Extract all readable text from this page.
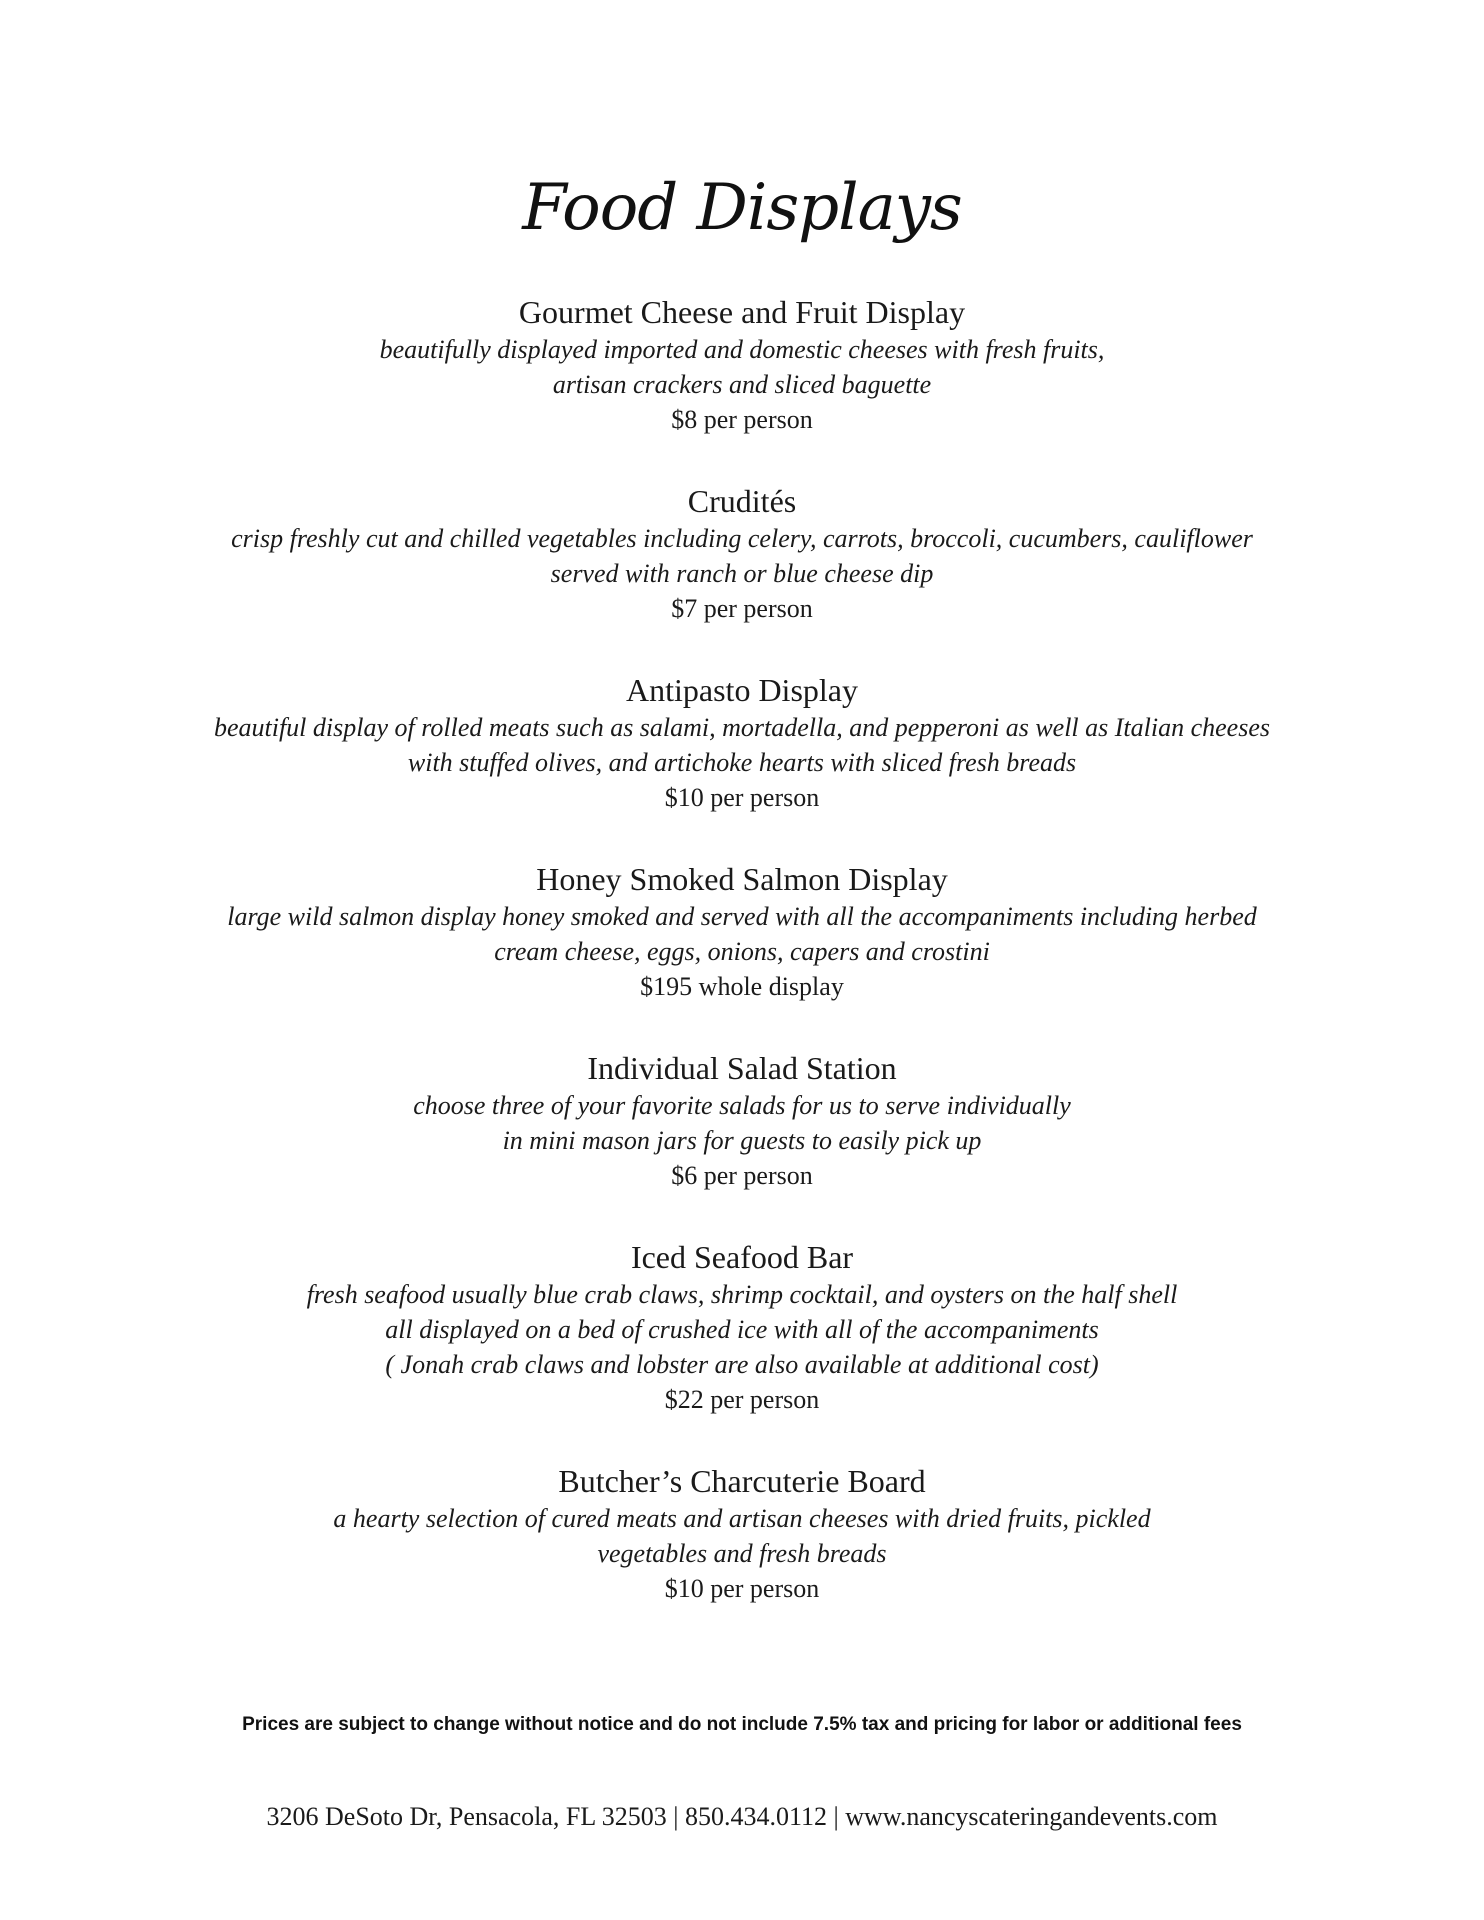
Food Displays
Gourmet Cheese and Fruit Display
beautifully displayed imported and domestic cheeses with fresh fruits,
artisan crackers and sliced baguette
$8 per person
Crudités
crisp freshly cut and chilled vegetables including celery, carrots, broccoli, cucumbers, cauliflower
served with ranch or blue cheese dip
$7 per person
Antipasto Display
beautiful display of rolled meats such as salami, mortadella, and pepperoni as well as Italian cheeses
with stuffed olives, and artichoke hearts with sliced fresh breads
$10 per person
Honey Smoked Salmon Display
large wild salmon display honey smoked and served with all the accompaniments including herbed
cream cheese, eggs, onions, capers and crostini
$195 whole display
Individual Salad Station
choose three of your favorite salads for us to serve individually
in mini mason jars for guests to easily pick up
$6 per person
Iced Seafood Bar
fresh seafood usually blue crab claws, shrimp cocktail, and oysters on the half shell
all displayed on a bed of crushed ice with all of the accompaniments
( Jonah crab claws and lobster are also available at additional cost)
$22 per person
Butcher’s Charcuterie Board
a hearty selection of cured meats and artisan cheeses with dried fruits, pickled
vegetables and fresh breads
$10 per person
Prices are subject to change without notice and do not include 7.5% tax and pricing for labor or additional fees
3206 DeSoto Dr, Pensacola, FL 32503 | 850.434.0112 | www.nancyscateringandevents.com
